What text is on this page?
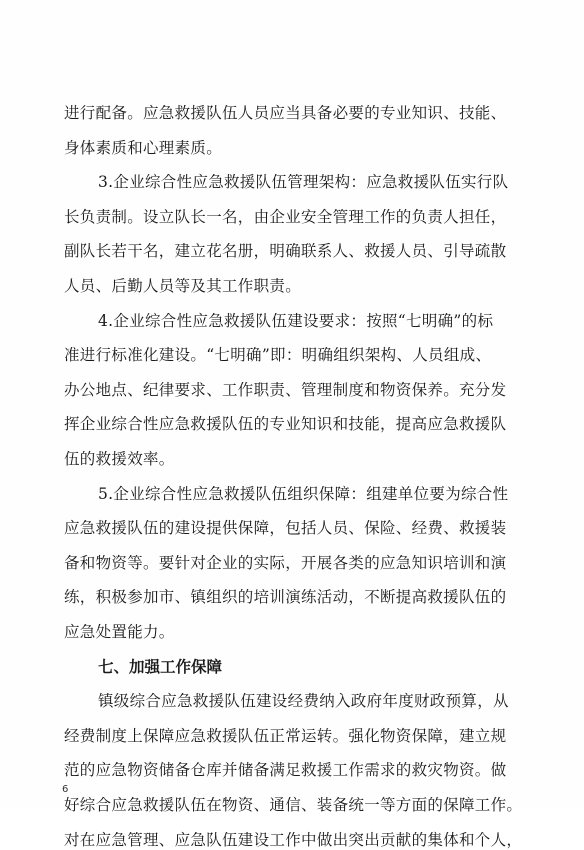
进行配备。应急救援队伍人员应当具备必要的专业知识、技能、
身体素质和心理素质。
3.企业综合性应急救援队伍管理架构：应急救援队伍实行队
长负责制。设立队长一名，由企业安全管理工作的负责人担任，
副队长若干名，建立花名册，明确联系人、救援人员、引导疏散
人员、后勤人员等及其工作职责。
4.企业综合性应急救援队伍建设要求：按照“七明确”的标
准进行标准化建设。“七明确”即：明确组织架构、人员组成、
办公地点、纪律要求、工作职责、管理制度和物资保养。充分发
挥企业综合性应急救援队伍的专业知识和技能，提高应急救援队
伍的救援效率。
5.企业综合性应急救援队伍组织保障：组建单位要为综合性
应急救援队伍的建设提供保障，包括人员、保险、经费、救援装
备和物资等。要针对企业的实际，开展各类的应急知识培训和演
练，积极参加市、镇组织的培训演练活动，不断提高救援队伍的
应急处置能力。
七、加强工作保障
镇级综合应急救援队伍建设经费纳入政府年度财政预算，从
经费制度上保障应急救援队伍正常运转。强化物资保障，建立规
范的应急物资储备仓库并储备满足救援工作需求的救灾物资。做
好综合应急救援队伍在物资、通信、装备统一等方面的保障工作。
对在应急管理、应急队伍建设工作中做出突出贡献的集体和个人，
6
